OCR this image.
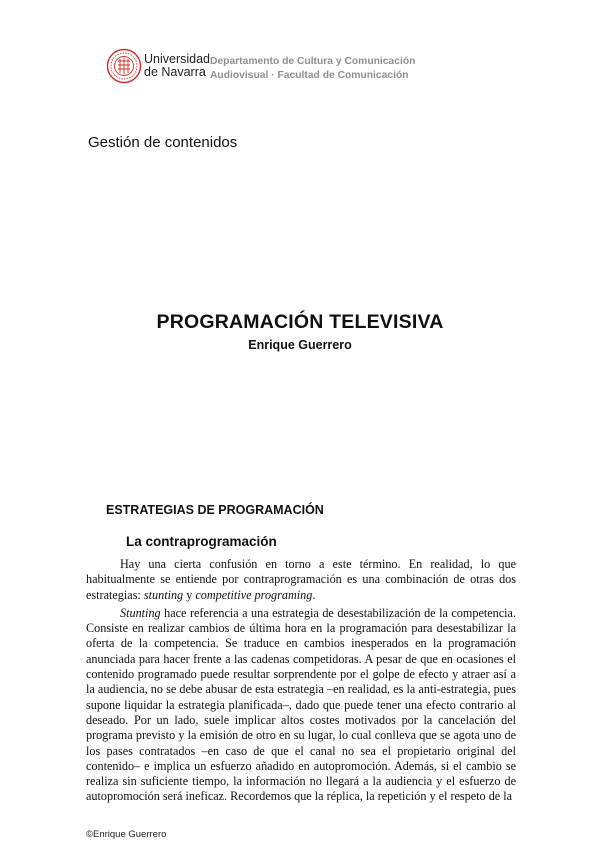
Universidad
de Navarra
Departamento de Cultura y Comunicación
Audiovisual · Facultad de Comunicación
Gestión de contenidos
PROGRAMACIÓN TELEVISIVA
Enrique Guerrero
ESTRATEGIAS DE PROGRAMACIÓN
La contraprogramación

Hay una cierta confusión en torno a este término. En realidad, lo que habitualmente se entiende por contraprogramación es una combinación de otras dos estrategias: stunting y competitive programing.

Stunting hace referencia a una estrategia de desestabilización de la competencia. Consiste en realizar cambios de última hora en la programación para desestabilizar la oferta de la competencia. Se traduce en cambios inesperados en la programación anunciada para hacer frente a las cadenas competidoras. A pesar de que en ocasiones el contenido programado puede resultar sorprendente por el golpe de efecto y atraer así a la audiencia, no se debe abusar de esta estrategia –en realidad, es la anti-estrategia, pues supone liquidar la estrategia planificada–, dado que puede tener una efecto contrario al deseado. Por un lado, suele implicar altos costes motivados por la cancelación del programa previsto y la emisión de otro en su lugar, lo cual conlleva que se agota uno de los pases contratados –en caso de que el canal no sea el propietario original del contenido– e implica un esfuerzo añadido en autopromoción. Además, si el cambio se realiza sin suficiente tiempo, la información no llegará a la audiencia y el esfuerzo de autopromoción será ineficaz. Recordemos que la réplica, la repetición y el respeto de la

©Enrique Guerrero
